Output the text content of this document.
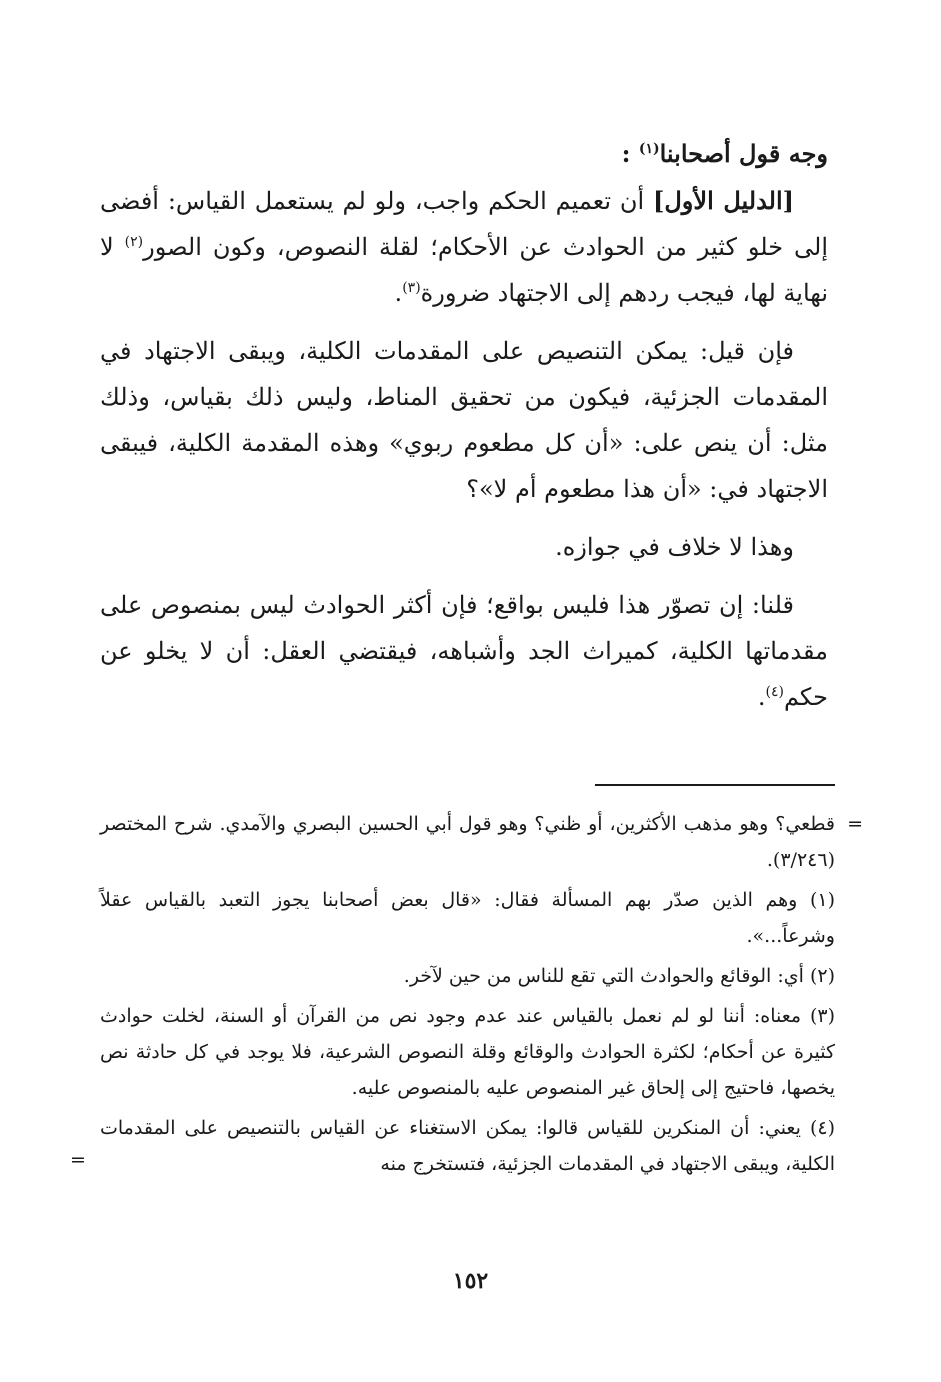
وجه قول أصحابنا$^{(١)}$ :

[الدليل الأول] أن تعميم الحكم واجب، ولو لم يستعمل القياس: أفضى إلى خلو كثير من الحوادث عن الأحكام؛ لقلة النصوص، وكون الصور$^{(٢)}$ لا نهاية لها، فيجب ردهم إلى الاجتهاد ضرورة$^{(٣)}$.

فإن قيل: يمكن التنصيص على المقدمات الكلية، ويبقى الاجتهاد في المقدمات الجزئية، فيكون من تحقيق المناط، وليس ذلك بقياس، وذلك مثل: أن ينص على: «أن كل مطعوم ربوي» وهذه المقدمة الكلية، فيبقى الاجتهاد في: «أن هذا مطعوم أم لا»؟

وهذا لا خلاف في جوازه.

قلنا: إن تصوّر هذا فليس بواقع؛ فإن أكثر الحوادث ليس بمنصوص على مقدماتها الكلية، كميراث الجد وأشباهه، فيقتضي العقل: أن لا يخلو عن حكم$^{(٤)}$.

=
قطعي؟ وهو مذهب الأكثرين، أو ظني؟ وهو قول أبي الحسين البصري والآمدي. شرح المختصر (٣/٢٤٦).
(١) وهم الذين صدّر بهم المسألة فقال: «قال بعض أصحابنا يجوز التعبد بالقياس عقلاً وشرعاً...».
(٢) أي: الوقائع والحوادث التي تقع للناس من حين لآخر.
(٣) معناه: أننا لو لم نعمل بالقياس عند عدم وجود نص من القرآن أو السنة، لخلت حوادث كثيرة عن أحكام؛ لكثرة الحوادث والوقائع وقلة النصوص الشرعية، فلا يوجد في كل حادثة نص يخصها، فاحتيج إلى إلحاق غير المنصوص عليه بالمنصوص عليه.
(٤) يعني: أن المنكرين للقياس قالوا: يمكن الاستغناء عن القياس بالتنصيص على المقدمات الكلية، ويبقى الاجتهاد في المقدمات الجزئية، فتستخرج منه
=
١٥٢
